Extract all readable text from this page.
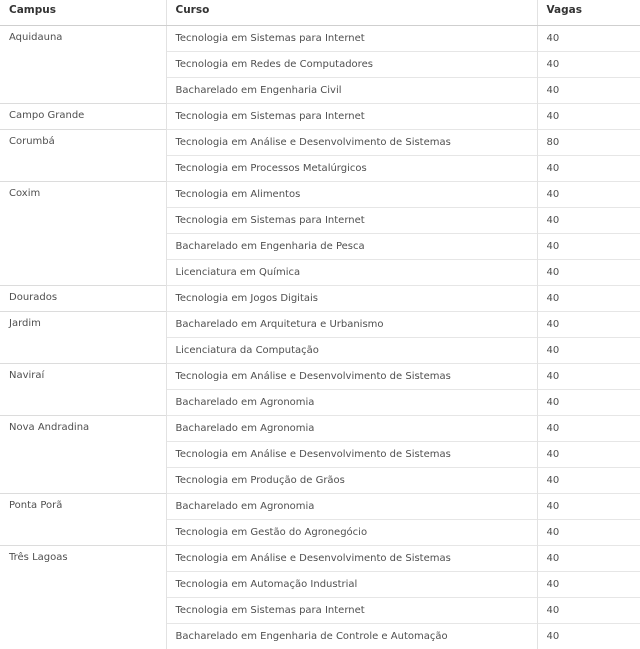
Campus	Curso	Vagas
Aquidauna	Tecnologia em Sistemas para Internet	40
	Tecnologia em Redes de Computadores	40
	Bacharelado em Engenharia Civil	40
Campo Grande	Tecnologia em Sistemas para Internet	40
Corumbá	Tecnologia em Análise e Desenvolvimento de Sistemas	80
	Tecnologia em Processos Metalúrgicos	40
Coxim	Tecnologia em Alimentos	40
	Tecnologia em Sistemas para Internet	40
	Bacharelado em Engenharia de Pesca	40
	Licenciatura em Química	40
Dourados	Tecnologia em Jogos Digitais	40
Jardim	Bacharelado em Arquitetura e Urbanismo	40
	Licenciatura da Computação	40
Naviraí	Tecnologia em Análise e Desenvolvimento de Sistemas	40
	Bacharelado em Agronomia	40
Nova Andradina	Bacharelado em Agronomia	40
	Tecnologia em Análise e Desenvolvimento de Sistemas	40
	Tecnologia em Produção de Grãos	40
Ponta Porã	Bacharelado em Agronomia	40
	Tecnologia em Gestão do Agronegócio	40
Três Lagoas	Tecnologia em Análise e Desenvolvimento de Sistemas	40
	Tecnologia em Automação Industrial	40
	Tecnologia em Sistemas para Internet	40
	Bacharelado em Engenharia de Controle e Automação	40
